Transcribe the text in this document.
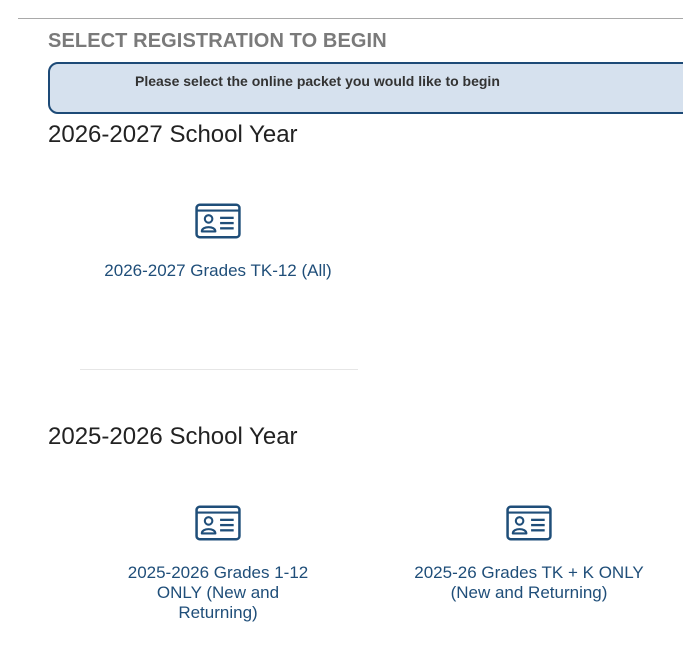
SELECT REGISTRATION TO BEGIN
Please select the online packet you would like to begin
2026-2027 School Year
2026-2027 Grades TK-12 (All)
2025-2026 School Year
2025-2026 Grades 1-12 ONLY (New and Returning)
2025-26 Grades TK + K ONLY (New and Returning)
